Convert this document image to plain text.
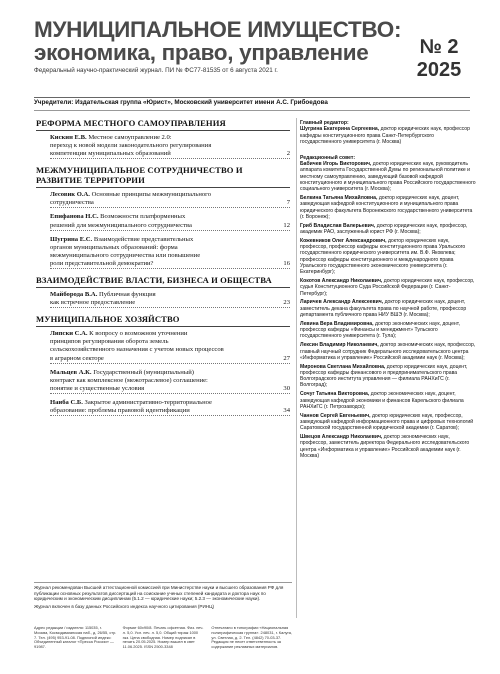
МУНИЦИПАЛЬНОЕ ИМУЩЕСТВО:
экономика, право, управление
Федеральный научно-практический журнал. ПИ № ФС77-81535 от 6 августа 2021 г.
№ 2
2025
Учредители: Издательская группа «Юрист», Московский университет имени А.С. Грибоедова
РЕФОРМА МЕСТНОГО САМОУПРАВЛЕНИЯ
Кискин Е.В. Местное самоуправление 2.0:
переход к новой модели законодательного регулирования
компетенции муниципальных образований	2
МЕЖМУНИЦИПАЛЬНОЕ СОТРУДНИЧЕСТВО И РАЗВИТИЕ ТЕРРИТОРИИ
Лесовик О.А. Основные принципы межмуниципального
сотрудничества	7
Епифанова Н.С. Возможности платформенных
решений для межмуниципального сотрудничества	12
Шугрина Е.С. Взаимодействие представительных
органов муниципальных образований: форма
межмуниципального сотрудничества или повышение
роли представительной демократии?	16
ВЗАИМОДЕЙСТВИЕ ВЛАСТИ, БИЗНЕСА И ОБЩЕСТВА
Майборода В.А. Публичная функция
как встречное предоставление	23
МУНИЦИПАЛЬНОЕ ХОЗЯЙСТВО
Липски С.А. К вопросу о возможном уточнении
принципов регулирования оборота земель
сельскохозяйственного назначения с учетом новых процессов
в аграрном секторе	27
Мальцев А.К. Государственный (муниципальный)
контракт как комплексное (межотраслевое) соглашение:
понятие и существенные условия	30
Наиба С.Б. Закрытое административно-территориальное
образование: проблемы правовой идентификации	34
Главный редактор:
Шугрина Екатерина Сергеевна, доктор юридических наук, профессор кафедры конституционного права Санкт-Петербургского государственного университета (г. Москва)
Редакционный совет:
Бабичев Игорь Викторович, доктор юридических наук, руководитель аппарата комитета Государственной Думы по региональной политике и местному самоуправлению, заведующий базовой кафедрой конституционного и муниципального права Российского государственного социального университета (г. Москва);
Белкина Татьяна Михайловна, доктор юридических наук, доцент, заведующая кафедрой конституционного и муниципального права юридического факультета Воронежского государственного университета (г. Воронеж);
Гриб Владислав Валерьевич, доктор юридических наук, профессор, академик РАО, заслуженный юрист РФ (г. Москва);
Кожевников Олег Александрович, доктор юридических наук, профессор, профессор кафедры конституционного права Уральского государственного юридического университета им. В.Ф. Яковлева; профессор кафедры конституционного и международного права Уральского государственного экономического университета (г. Екатеринбург);
Кокотов Александр Николаевич, доктор юридических наук, профессор, судья Конституционного Суда Российской Федерации (г. Санкт-Петербург);
Ларичев Александр Алексеевич, доктор юридических наук, доцент, заместитель декана факультета права по научной работе, профессор департамента публичного права НИУ ВШЭ (г. Москва);
Левина Вера Владимировна, доктор экономических наук, доцент, профессор кафедры «Финансы и менеджмент» Тульского государственного университета (г. Тула);
Лексин Владимир Николаевич, доктор экономических наук, профессор, главный научный сотрудник Федерального исследовательского центра «Информатика и управление» Российской академии наук (г. Москва);
Миронова Светлана Михайловна, доктор юридических наук, доцент, профессор кафедры финансового и предпринимательского права Волгоградского института управления — филиала РАНХиГС (г. Волгоград);
Сочуг Татьяна Викторовна, доктор экономических наук, доцент, заведующая кафедрой экономики и финансов Карельского филиала РАНХиГС (г. Петрозаводск);
Чаннов Сергей Евгеньевич, доктор юридических наук, профессор, заведующий кафедрой информационного права и цифровых технологий Саратовской государственной юридической академии (г. Саратов);
Швецов Александр Николаевич, доктор экономических наук, профессор, заместитель директора Федерального исследовательского центра «Информатика и управление» Российской академии наук (г. Москва)
Журнал рекомендован Высшей аттестационной комиссией при Министерстве науки и высшего образования РФ для публикации основных результатов диссертаций на соискание ученых степеней кандидата и доктора наук по юридическим и экономическим дисциплинам (5.1.2 — юридические науки; 5.2.3 — экономические науки).
Журнал включен в базу данных Российского индекса научного цитирования (РИНЦ)
Адрес редакции / издателя: 115035, г. Москва, Космодамианская наб., д. 26/55, стр. 7. Тел. (495) 953-91-08. Подписной индекс: Объединенный каталог «Пресса России» — 91987.
Формат 60х90/8. Печать офсетная. Физ. печ. л. 5,0. Усл. печ. л. 5,0. Общий тираж 1000 экз. Цена свободная. Номер подписан в печать 20.05.2025. Номер вышел в свет 11.06.2025. ISSN 2500-3348
Отпечатано в типографии «Национальная полиграфическая группа». 248031, г. Калуга, ул. Светлая, д. 2. Тел. (4842) 70-03-37. Редакция не несет ответственность за содержание рекламных материалов.
